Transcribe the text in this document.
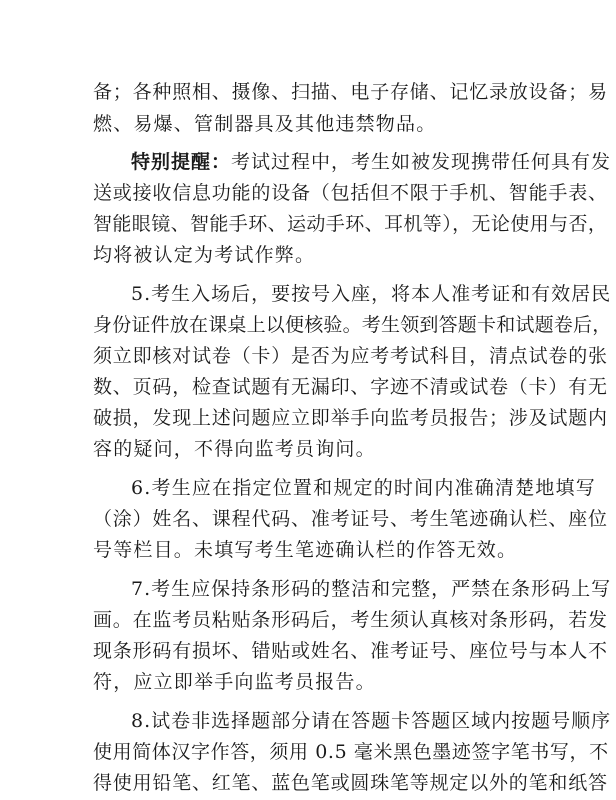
备；各种照相、摄像、扫描、电子存储、记忆录放设备；易
燃、易爆、管制器具及其他违禁物品。
特别提醒：考试过程中，考生如被发现携带任何具有发
送或接收信息功能的设备（包括但不限于手机、智能手表、
智能眼镜、智能手环、运动手环、耳机等），无论使用与否，
均将被认定为考试作弊。
5.考生入场后，要按号入座，将本人准考证和有效居民
身份证件放在课桌上以便核验。考生领到答题卡和试题卷后，
须立即核对试卷（卡）是否为应考考试科目，清点试卷的张
数、页码，检查试题有无漏印、字迹不清或试卷（卡）有无
破损，发现上述问题应立即举手向监考员报告；涉及试题内
容的疑问，不得向监考员询问。
6.考生应在指定位置和规定的时间内准确清楚地填写
（涂）姓名、课程代码、准考证号、考生笔迹确认栏、座位
号等栏目。未填写考生笔迹确认栏的作答无效。
7.考生应保持条形码的整洁和完整，严禁在条形码上写
画。在监考员粘贴条形码后，考生须认真核对条形码，若发
现条形码有损坏、错贴或姓名、准考证号、座位号与本人不
符，应立即举手向监考员报告。
8.试卷非选择题部分请在答题卡答题区域内按题号顺序
使用简体汉字作答，须用 0.5 毫米黑色墨迹签字笔书写，不
得使用铅笔、红笔、蓝色笔或圆珠笔等规定以外的笔和纸答
